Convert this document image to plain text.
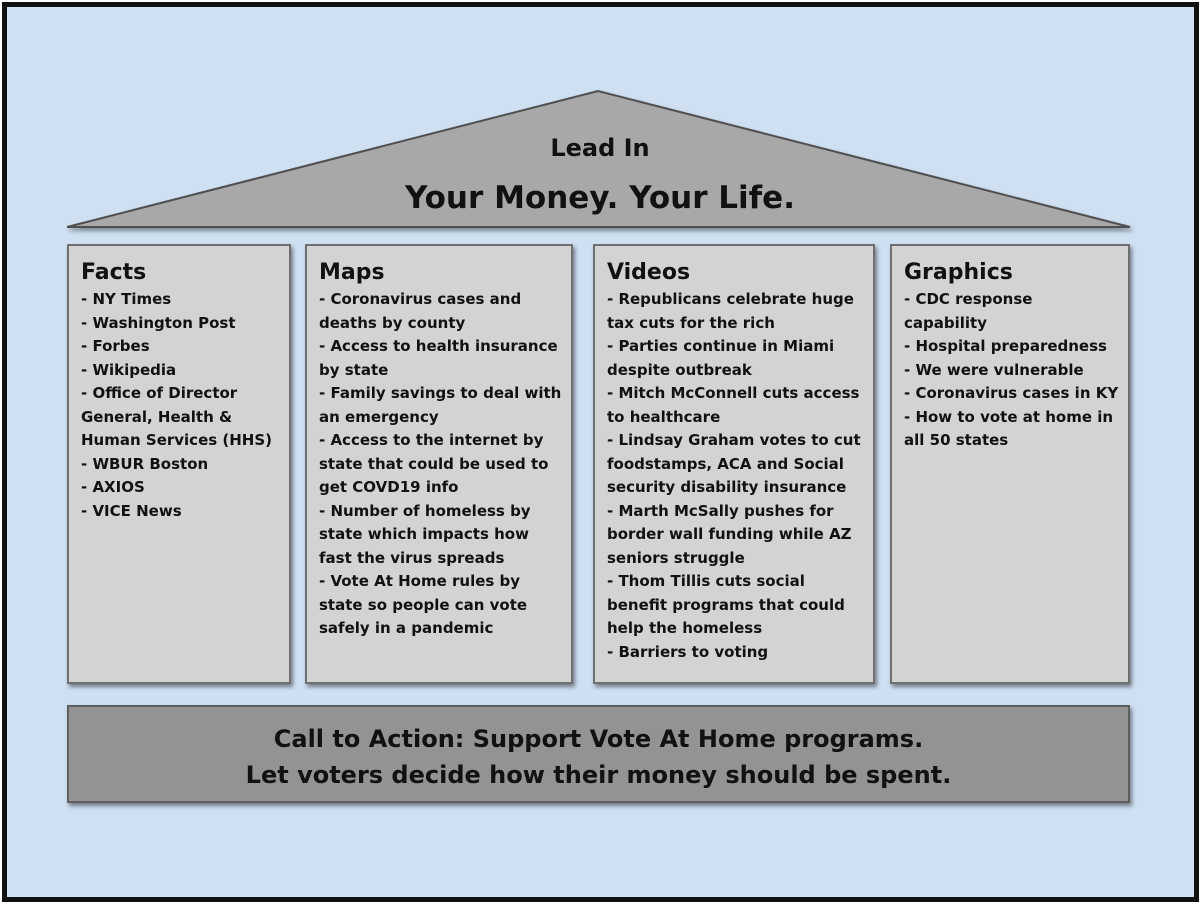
Lead In
Your Money. Your Life.
Facts
- NY Times
- Washington Post
- Forbes
- Wikipedia
- Office of Director General, Health & Human Services (HHS)
- WBUR Boston
- AXIOS
- VICE News
Maps
- Coronavirus cases and deaths by county
- Access to health insurance by state
- Family savings to deal with an emergency
- Access to the internet by state that could be used to get COVD19 info
- Number of homeless by state which impacts how fast the virus spreads
- Vote At Home rules by state so people can vote safely in a pandemic
Videos
- Republicans celebrate huge tax cuts for the rich
- Parties continue in Miami despite outbreak
- Mitch McConnell cuts access to healthcare
- Lindsay Graham votes to cut foodstamps, ACA and Social security disability insurance
- Marth McSally pushes for border wall funding while AZ seniors struggle
- Thom Tillis cuts social benefit programs that could help the homeless
- Barriers to voting
Graphics
- CDC response capability
- Hospital preparedness
- We were vulnerable
- Coronavirus cases in KY
- How to vote at home in all 50 states
Call to Action: Support Vote At Home programs.
Let voters decide how their money should be spent.
